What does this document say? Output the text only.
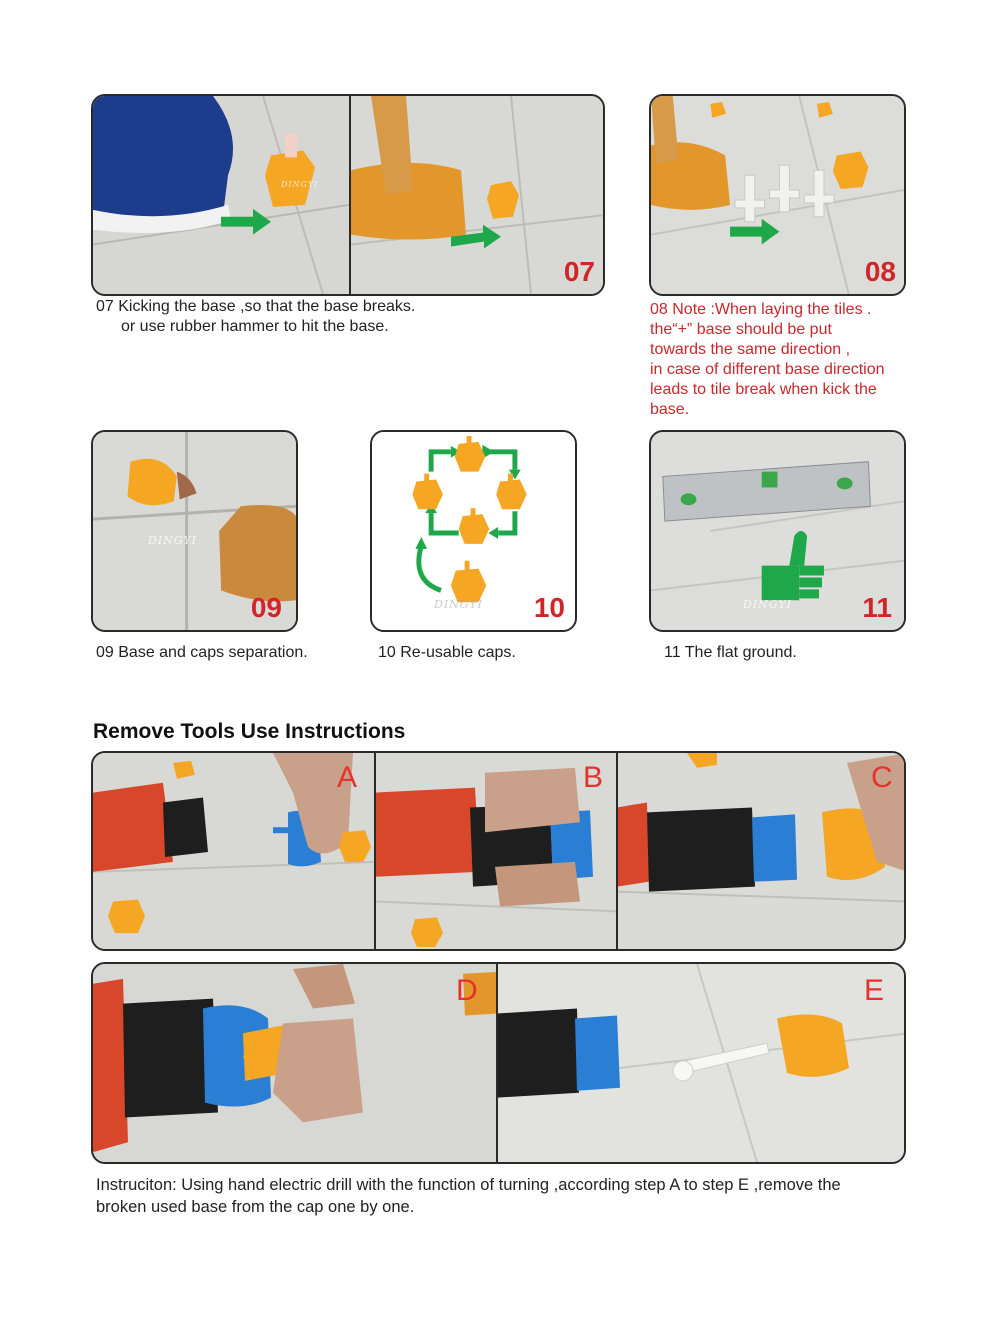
DINGYI
07
07 Kicking the base ,so that the base breaks.
or use rubber hammer to hit the base.
08
08 Note :When laying the tiles .
the“+” base should be put
towards the same direction ,
in case of different base direction
leads to tile break when kick the
base.
DINGYI
09
09 Base and caps separation.
DINGYI 10
10 Re-usable caps.
DINGYI	11
11 The flat ground.
Remove Tools Use Instructions
A	B	C
D	E
Instruciton: Using hand electric drill with the function of turning ,according step A to step E ,remove the
broken used base from the cap one by one.
